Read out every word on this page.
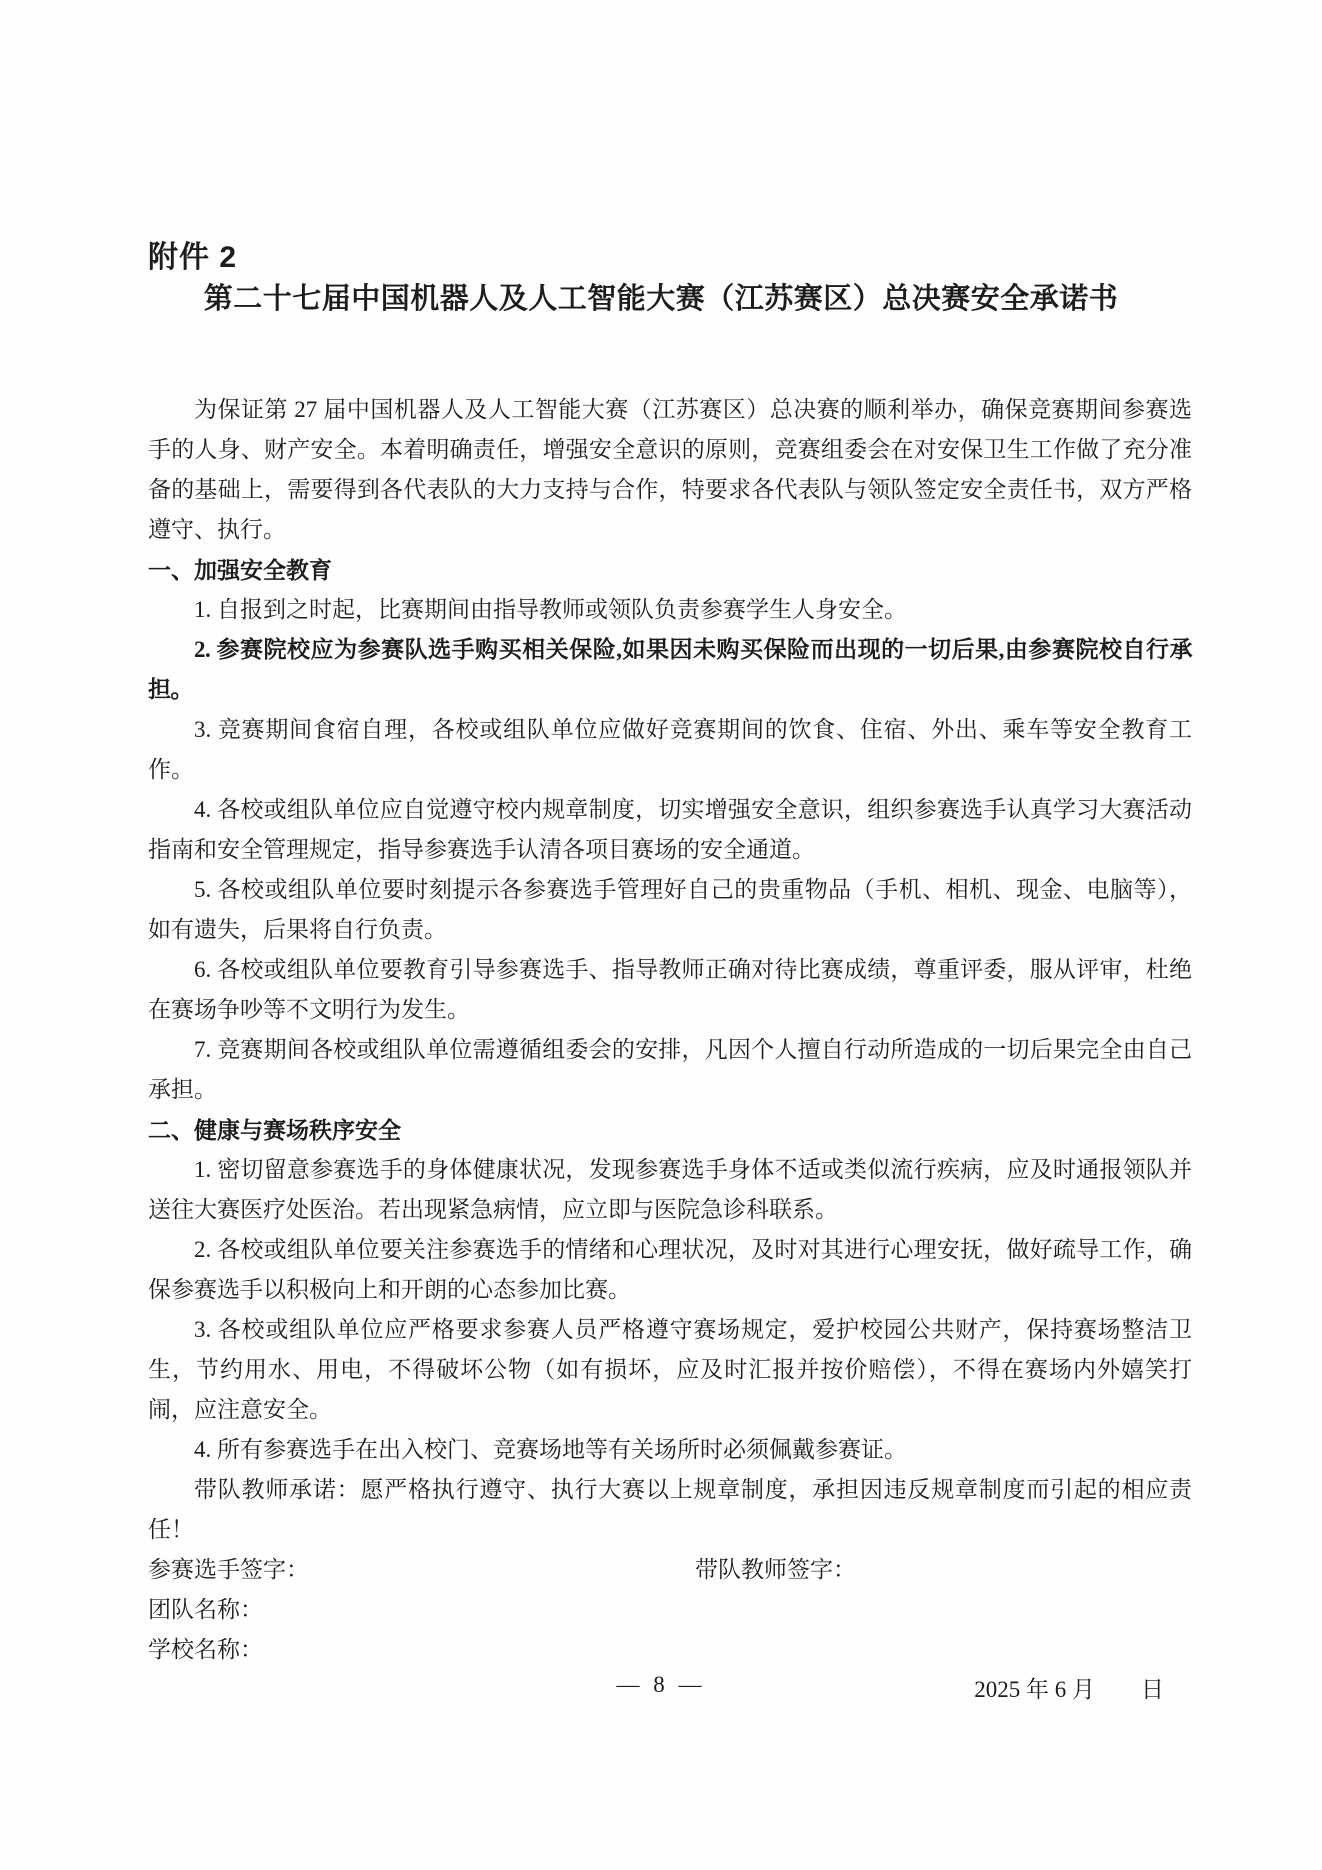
附件 2

第二十七届中国机器人及人工智能大赛（江苏赛区）总决赛安全承诺书

为保证第 27 届中国机器人及人工智能大赛（江苏赛区）总决赛的顺利举办，确保竞赛期间参赛选手的人身、财产安全。本着明确责任，增强安全意识的原则，竞赛组委会在对安保卫生工作做了充分准备的基础上，需要得到各代表队的大力支持与合作，特要求各代表队与领队签定安全责任书，双方严格遵守、执行。

一、加强安全教育

1. 自报到之时起，比赛期间由指导教师或领队负责参赛学生人身安全。

2. 参赛院校应为参赛队选手购买相关保险,如果因未购买保险而出现的一切后果,由参赛院校自行承担。

3. 竞赛期间食宿自理，各校或组队单位应做好竞赛期间的饮食、住宿、外出、乘车等安全教育工作。

4. 各校或组队单位应自觉遵守校内规章制度，切实增强安全意识，组织参赛选手认真学习大赛活动指南和安全管理规定，指导参赛选手认清各项目赛场的安全通道。

5. 各校或组队单位要时刻提示各参赛选手管理好自己的贵重物品（手机、相机、现金、电脑等），如有遗失，后果将自行负责。

6. 各校或组队单位要教育引导参赛选手、指导教师正确对待比赛成绩，尊重评委，服从评审，杜绝在赛场争吵等不文明行为发生。

7. 竞赛期间各校或组队单位需遵循组委会的安排，凡因个人擅自行动所造成的一切后果完全由自己承担。

二、健康与赛场秩序安全

1. 密切留意参赛选手的身体健康状况，发现参赛选手身体不适或类似流行疾病，应及时通报领队并送往大赛医疗处医治。若出现紧急病情，应立即与医院急诊科联系。

2. 各校或组队单位要关注参赛选手的情绪和心理状况，及时对其进行心理安抚，做好疏导工作，确保参赛选手以积极向上和开朗的心态参加比赛。

3. 各校或组队单位应严格要求参赛人员严格遵守赛场规定，爱护校园公共财产，保持赛场整洁卫生，节约用水、用电，不得破坏公物（如有损坏，应及时汇报并按价赔偿），不得在赛场内外嬉笑打闹，应注意安全。

4. 所有参赛选手在出入校门、竞赛场地等有关场所时必须佩戴参赛证。

带队教师承诺：愿严格执行遵守、执行大赛以上规章制度，承担因违反规章制度而引起的相应责任！

参赛选手签字：	带队教师签字：

团队名称：

学校名称：

2025 年 6 月　　日

— 8 —
